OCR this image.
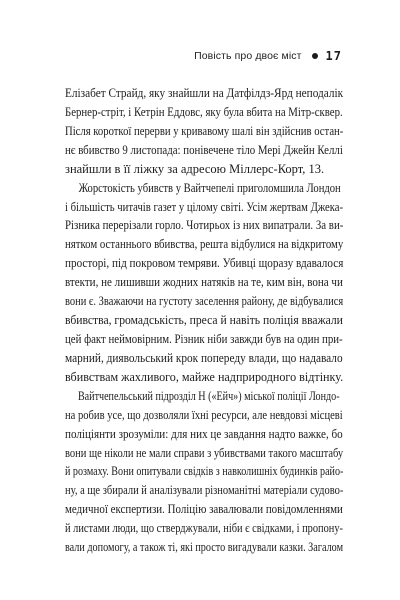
Повість про двоє міст 17

Елізабет Страйд, яку знайшли на Датфілдз-Ярд неподалік
Бернер-стріт, і Кетрін Еддовс, яку була вбита на Мітр-сквер.
Після короткої перерви у кривавому шалі він здійснив остан-
нє вбивство 9 листопада: понівечене тіло Мері Джейн Келлі
знайшли в її ліжку за адресою Міллерс-Корт, 13.

Жорстокість убивств у Вайтчепелі приголомшила Лондон
і більшість читачів газет у цілому світі. Усім жертвам Джека-
Різника перерізали горло. Чотирьох із них випатрали. За ви-
нятком останнього вбивства, решта відбулися на відкритому
просторі, під покровом темряви. Убивці щоразу вдавалося
втекти, не лишивши жодних натяків на те, ким він, вона чи
вони є. Зважаючи на густоту заселення району, де відбувалися
вбивства, громадськість, преса й навіть поліція вважали
цей факт неймовірним. Різник ніби завжди був на один при-
марний, диявольський крок попереду влади, що надавало
вбивствам жахливого, майже надприродного відтінку.

Вайтчепельський підрозділ Н («Ейч») міської поліції Лондо-
на робив усе, що дозволяли їхні ресурси, але невдовзі місцеві
поліціянти зрозуміли: для них це завдання надто важке, бо
вони ще ніколи не мали справи з убивствами такого масштабу
й розмаху. Вони опитували свідків з навколишніх будинків райо-
ну, а ще збирали й аналізували різноманітні матеріали судово-
медичної експертизи. Поліцію завалювали повідомленнями
й листами люди, що стверджували, ніби є свідками, і пропону-
вали допомогу, а також ті, які просто вигадували казки. Загалом
